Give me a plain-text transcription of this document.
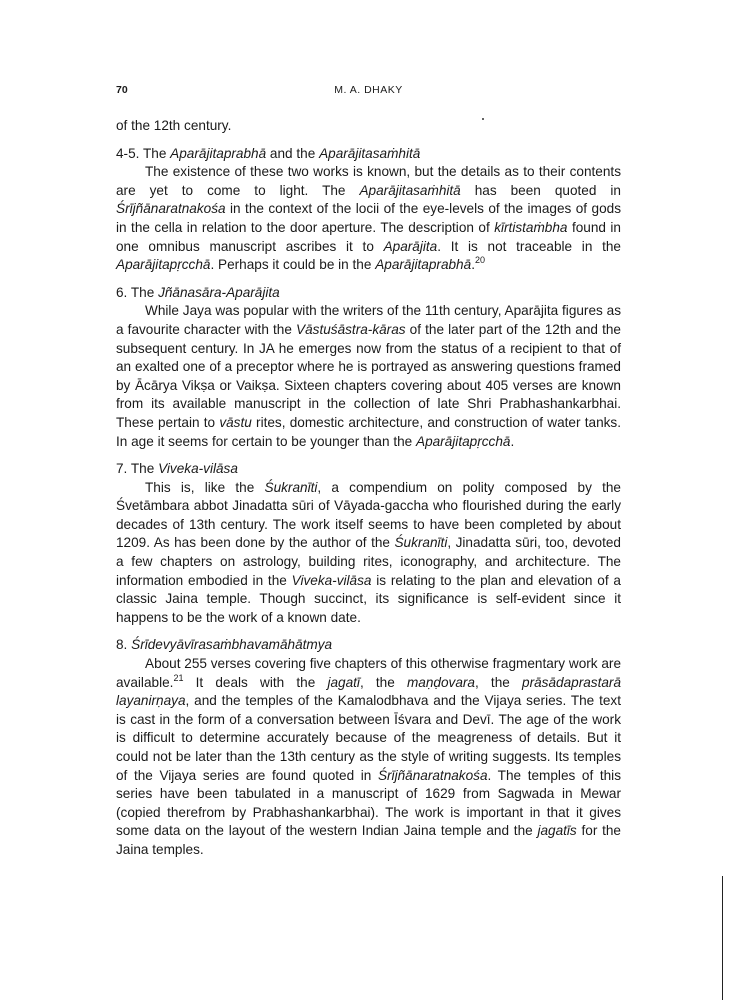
70	M. A. DHAKY

of the 12th century.

4-5. The Aparājitaprabhā and the Aparājitasaṁhitā

The existence of these two works is known, but the details as to their contents are yet to come to light. The Aparājitasaṁhitā has been quoted in Śrījñānaratnakośa in the context of the locii of the eye-levels of the images of gods in the cella in relation to the door aperture. The description of kīrtistaṁbha found in one omnibus manuscript ascribes it to Aparājita. It is not traceable in the Aparājitapṛcchā. Perhaps it could be in the Aparājitaprabhā.$^{20}$

6. The Jñānasāra-Aparājita

While Jaya was popular with the writers of the 11th century, Aparājita figures as a favourite character with the Vāstuśāstra-kāras of the later part of the 12th and the subsequent century. In JA he emerges now from the status of a recipient to that of an exalted one of a preceptor where he is portrayed as answering questions framed by Ācārya Vikṣa or Vaikṣa. Sixteen chapters covering about 405 verses are known from its available manuscript in the collection of late Shri Prabhashankarbhai. These pertain to vāstu rites, domestic architecture, and construction of water tanks. In age it seems for certain to be younger than the Aparājitapṛcchā.

7. The Viveka-vilāsa

This is, like the Śukranīti, a compendium on polity composed by the Śvetāmbara abbot Jinadatta sūri of Vāyada-gaccha who flourished during the early decades of 13th century. The work itself seems to have been completed by about 1209. As has been done by the author of the Śukranīti, Jinadatta sūri, too, devoted a few chapters on astrology, building rites, iconography, and architecture. The information embodied in the Viveka-vilāsa is relating to the plan and elevation of a classic Jaina temple. Though succinct, its significance is self-evident since it happens to be the work of a known date.

8. Śrīdevyāvīrasaṁbhavamāhātmya

About 255 verses covering five chapters of this otherwise fragmentary work are available.$^{21}$ It deals with the jagatī, the maṇḍovara, the prāsādaprastarā layanirṇaya, and the temples of the Kamalodbhava and the Vijaya series. The text is cast in the form of a conversation between Īśvara and Devī. The age of the work is difficult to determine accurately because of the meagreness of details. But it could not be later than the 13th century as the style of writing suggests. Its temples of the Vijaya series are found quoted in Śrījñānaratnakośa. The temples of this series have been tabulated in a manuscript of 1629 from Sagwada in Mewar (copied therefrom by Prabhashankarbhai). The work is important in that it gives some data on the layout of the western Indian Jaina temple and the jagatīs for the Jaina temples.
